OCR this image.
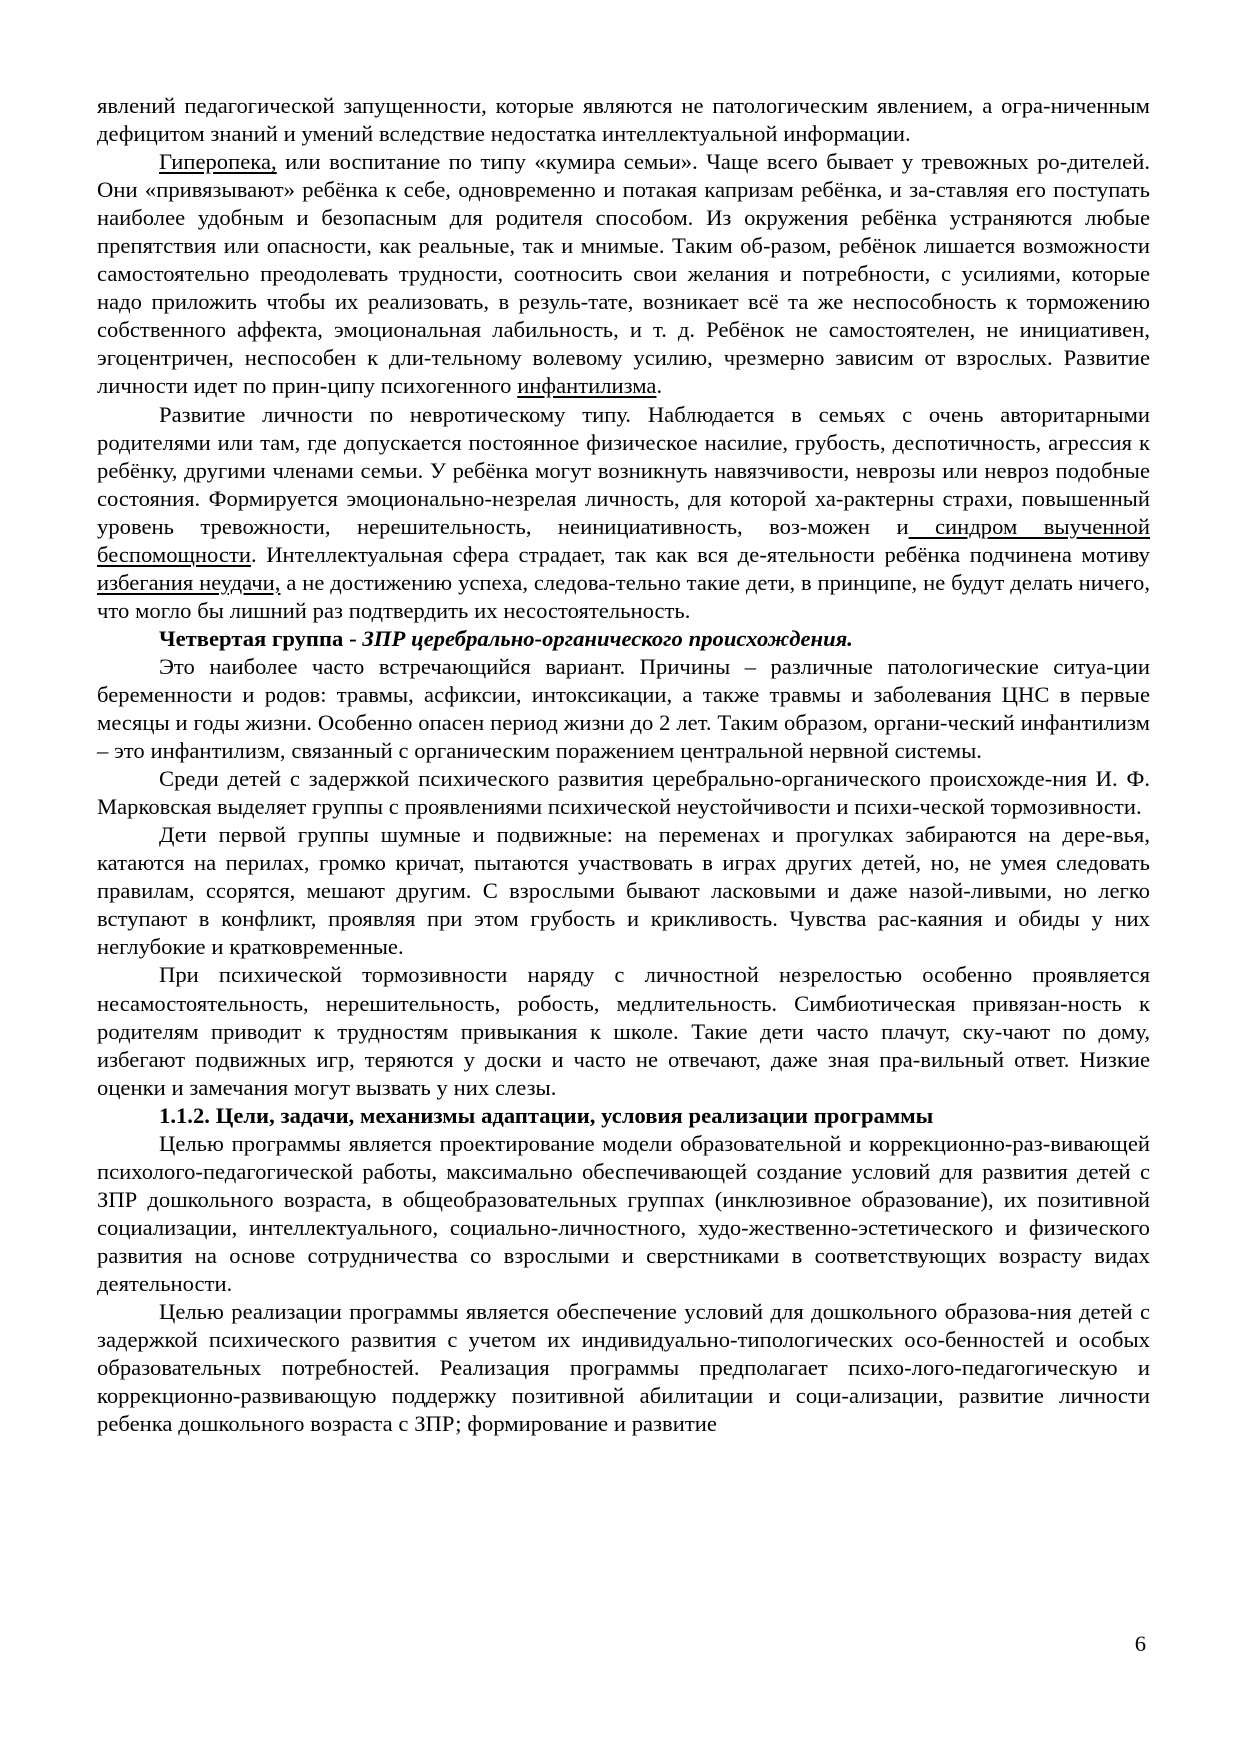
явлений педагогической запущенности, которые являются не патологическим явлением, а огра-ниченным дефицитом знаний и умений вследствие недостатка интеллектуальной информации.

Гиперопека, или воспитание по типу «кумира семьи». Чаще всего бывает у тревожных ро-дителей. Они «привязывают» ребёнка к себе, одновременно и потакая капризам ребёнка, и за-ставляя его поступать наиболее удобным и безопасным для родителя способом. Из окружения ребёнка устраняются любые препятствия или опасности, как реальные, так и мнимые. Таким об-разом, ребёнок лишается возможности самостоятельно преодолевать трудности, соотносить свои желания и потребности, с усилиями, которые надо приложить чтобы их реализовать, в резуль-тате, возникает всё та же неспособность к торможению собственного аффекта, эмоциональная лабильность, и т. д. Ребёнок не самостоятелен, не инициативен, эгоцентричен, неспособен к дли-тельному волевому усилию, чрезмерно зависим от взрослых. Развитие личности идет по прин-ципу психогенного инфантилизма.

Развитие личности по невротическому типу. Наблюдается в семьях с очень авторитарными родителями или там, где допускается постоянное физическое насилие, грубость, деспотичность, агрессия к ребёнку, другими членами семьи. У ребёнка могут возникнуть навязчивости, неврозы или невроз подобные состояния. Формируется эмоционально-незрелая личность, для которой ха-рактерны страхи, повышенный уровень тревожности, нерешительность, неинициативность, воз-можен и синдром выученной беспомощности. Интеллектуальная сфера страдает, так как вся де-ятельности ребёнка подчинена мотиву избегания неудачи, а не достижению успеха, следова-тельно такие дети, в принципе, не будут делать ничего, что могло бы лишний раз подтвердить их несостоятельность.

Четвертая группа - ЗПР церебрально-органического происхождения.

Это наиболее часто встречающийся вариант. Причины – различные патологические ситуа-ции беременности и родов: травмы, асфиксии, интоксикации, а также травмы и заболевания ЦНС в первые месяцы и годы жизни. Особенно опасен период жизни до 2 лет. Таким образом, органи-ческий инфантилизм – это инфантилизм, связанный с органическим поражением центральной нервной системы.

Среди детей с задержкой психического развития церебрально-органического происхожде-ния И. Ф. Марковская выделяет группы с проявлениями психической неустойчивости и психи-ческой тормозивности.

Дети первой группы шумные и подвижные: на переменах и прогулках забираются на дере-вья, катаются на перилах, громко кричат, пытаются участвовать в играх других детей, но, не умея следовать правилам, ссорятся, мешают другим. С взрослыми бывают ласковыми и даже назой-ливыми, но легко вступают в конфликт, проявляя при этом грубость и крикливость. Чувства рас-каяния и обиды у них неглубокие и кратковременные.

При психической тормозивности наряду с личностной незрелостью особенно проявляется несамостоятельность, нерешительность, робость, медлительность. Симбиотическая привязан-ность к родителям приводит к трудностям привыкания к школе. Такие дети часто плачут, ску-чают по дому, избегают подвижных игр, теряются у доски и часто не отвечают, даже зная пра-вильный ответ. Низкие оценки и замечания могут вызвать у них слезы.

1.1.2. Цели, задачи, механизмы адаптации, условия реализации программы

Целью программы является проектирование модели образовательной и коррекционно-раз-вивающей психолого-педагогической работы, максимально обеспечивающей создание условий для развития детей с ЗПР дошкольного возраста, в общеобразовательных группах (инклюзивное образование), их позитивной социализации, интеллектуального, социально-личностного, худо-жественно-эстетического и физического развития на основе сотрудничества со взрослыми и сверстниками в соответствующих возрасту видах деятельности.

Целью реализации программы является обеспечение условий для дошкольного образова-ния детей с задержкой психического развития с учетом их индивидуально-типологических осо-бенностей и особых образовательных потребностей. Реализация программы предполагает психо-лого-педагогическую и коррекционно-развивающую поддержку позитивной абилитации и соци-ализации, развитие личности ребенка дошкольного возраста с ЗПР; формирование и развитие

6
